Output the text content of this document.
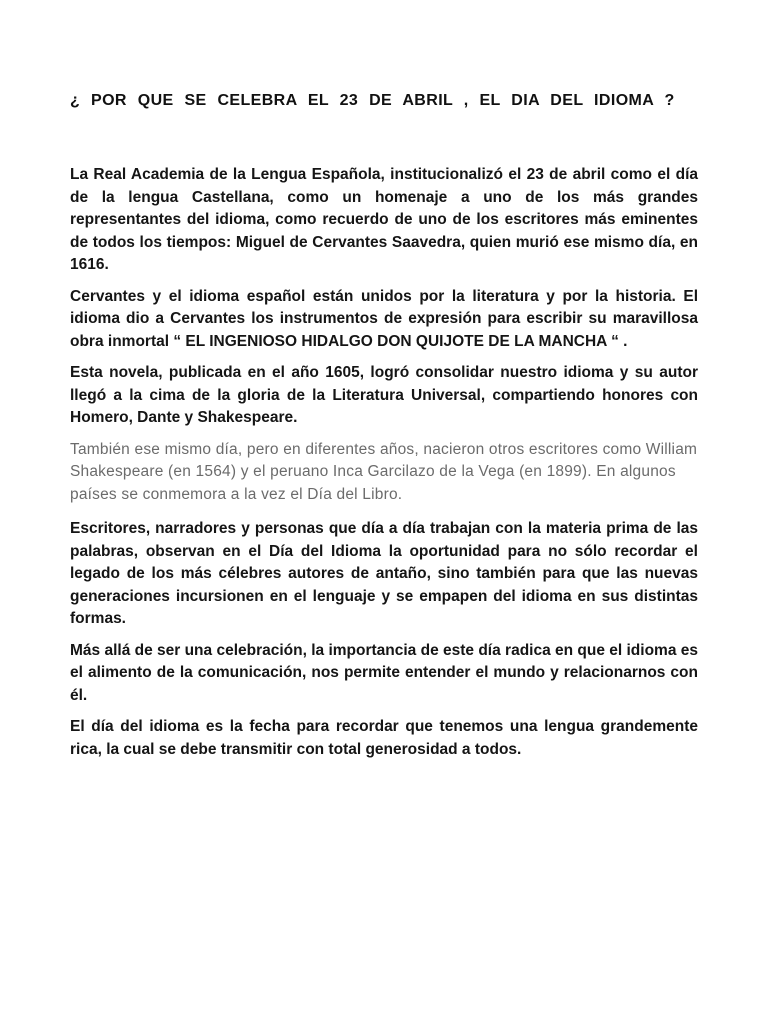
¿ POR QUE SE CELEBRA EL 23 DE ABRIL , EL DIA DEL IDIOMA ?

La Real Academia de la Lengua Española, institucionalizó el 23 de abril como el día de la lengua Castellana, como un homenaje a uno de los más grandes representantes del idioma, como recuerdo de uno de los escritores más eminentes de todos los tiempos: Miguel de Cervantes Saavedra, quien murió ese mismo día, en 1616.

Cervantes y el idioma español están unidos por la literatura y por la historia. El idioma dio a Cervantes los instrumentos de expresión para escribir su maravillosa obra inmortal “ EL INGENIOSO HIDALGO DON QUIJOTE DE LA MANCHA “ .

Esta novela, publicada en el año 1605, logró consolidar nuestro idioma y su autor llegó a la cima de la gloria de la Literatura Universal, compartiendo honores con Homero, Dante y Shakespeare.

También ese mismo día, pero en diferentes años, nacieron otros escritores como William Shakespeare (en 1564) y el peruano Inca Garcilazo de la Vega (en 1899). En algunos países se conmemora a la vez el Día del Libro.

Escritores, narradores y personas que día a día trabajan con la materia prima de las palabras, observan en el Día del Idioma la oportunidad para no sólo recordar el legado de los más célebres autores de antaño, sino también para que las nuevas generaciones incursionen en el lenguaje y se empapen del idioma en sus distintas formas.

Más allá de ser una celebración, la importancia de este día radica en que el idioma es el alimento de la comunicación, nos permite entender el mundo y relacionarnos con él.

El día del idioma es la fecha para recordar que tenemos una lengua grandemente rica, la cual se debe transmitir con total generosidad a todos.
